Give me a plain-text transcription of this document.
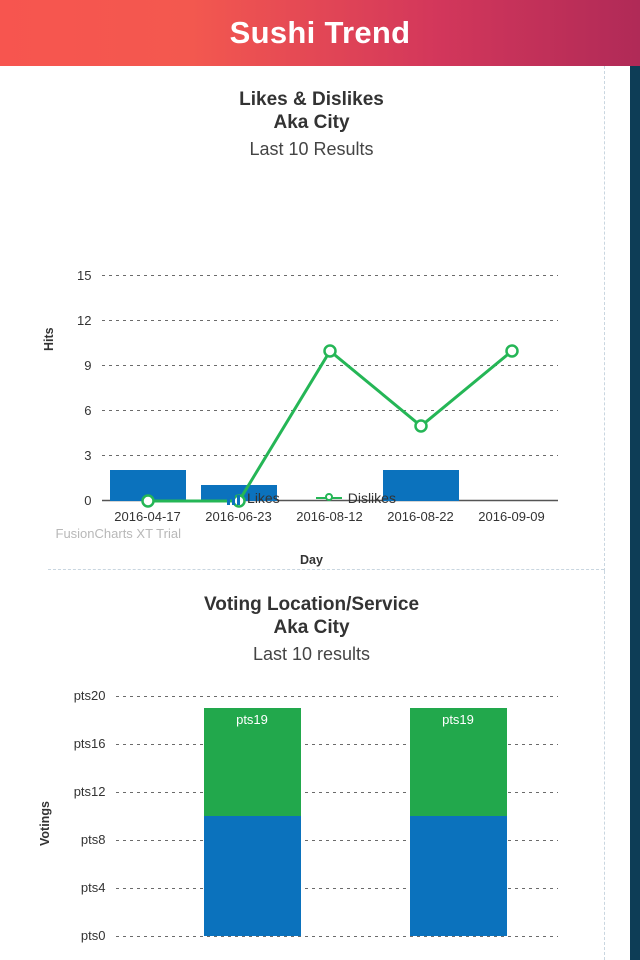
Sushi Trend
Likes & Dislikes
Aka City
Last 10 Results
Hits
15
12
9
6
3
0
2016-04-17	2016-06-23	2016-08-12	2016-08-22	2016-09-09
Day
Likes	Dislikes
FusionCharts XT Trial
Voting Location/Service
Aka City
Last 10 results
Votings
pts20
pts16
pts12
pts8
pts4
pts0
pts19	pts19
